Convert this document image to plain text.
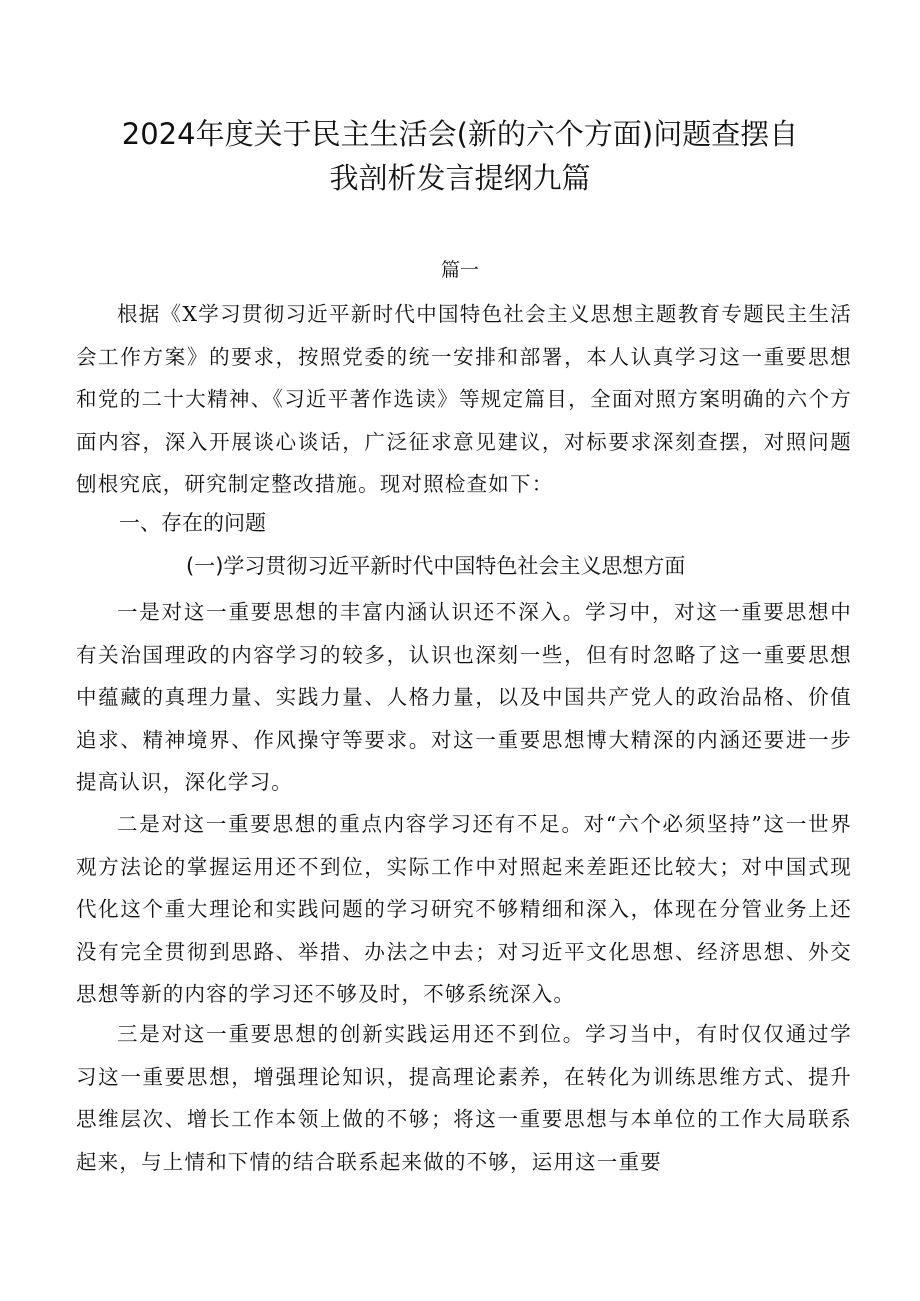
2024年度关于民主生活会(新的六个方面)问题查摆自
我剖析发言提纲九篇
篇一

根据《X学习贯彻习近平新时代中国特色社会主义思想主题教育专题民主生活会工作方案》的要求，按照党委的统一安排和部署，本人认真学习这一重要思想和党的二十大精神、《习近平著作选读》等规定篇目，全面对照方案明确的六个方面内容，深入开展谈心谈话，广泛征求意见建议，对标要求深刻查摆，对照问题刨根究底，研究制定整改措施。现对照检查如下：

一、存在的问题
(一)学习贯彻习近平新时代中国特色社会主义思想方面

一是对这一重要思想的丰富内涵认识还不深入。学习中，对这一重要思想中有关治国理政的内容学习的较多，认识也深刻一些，但有时忽略了这一重要思想中蕴藏的真理力量、实践力量、人格力量，以及中国共产党人的政治品格、价值追求、精神境界、作风操守等要求。对这一重要思想博大精深的内涵还要进一步提高认识，深化学习。

二是对这一重要思想的重点内容学习还有不足。对“六个必须坚持”这一世界观方法论的掌握运用还不到位，实际工作中对照起来差距还比较大；对中国式现代化这个重大理论和实践问题的学习研究不够精细和深入，体现在分管业务上还没有完全贯彻到思路、举措、办法之中去；对习近平文化思想、经济思想、外交思想等新的内容的学习还不够及时，不够系统深入。

三是对这一重要思想的创新实践运用还不到位。学习当中，有时仅仅通过学习这一重要思想，增强理论知识，提高理论素养，在转化为训练思维方式、提升思维层次、增长工作本领上做的不够；将这一重要思想与本单位的工作大局联系起来，与上情和下情的结合联系起来做的不够，运用这一重要
